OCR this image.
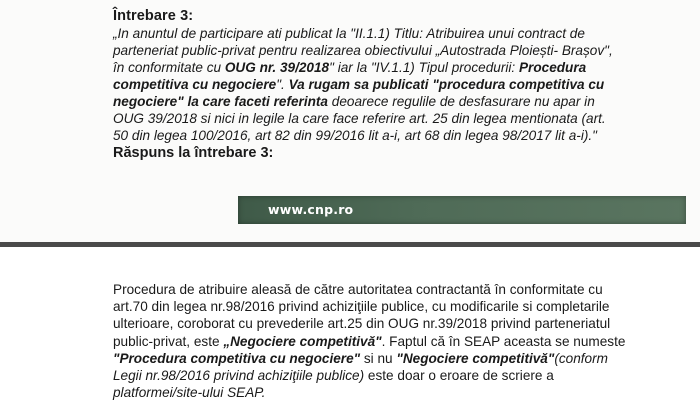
Întrebare 3:
„In anuntul de participare ati publicat la "II.1.1) Titlu: Atribuirea unui contract de
parteneriat public-privat pentru realizarea obiectivului „Autostrada Ploiești- Brașov",
în conformitate cu OUG nr. 39/2018" iar la "IV.1.1) Tipul procedurii: Procedura
competitiva cu negociere". Va rugam sa publicati "procedura competitiva cu
negociere" la care faceti referinta deoarece regulile de desfasurare nu apar in
OUG 39/2018 si nici in legile la care face referire art. 25 din legea mentionata (art.
50 din legea 100/2016, art 82 din 99/2016 lit a-i, art 68 din legea 98/2017 lit a-i)."
Răspuns la întrebare 3:
www.cnp.ro
Procedura de atribuire aleasă de către autoritatea contractantă în conformitate cu
art.70 din legea nr.98/2016 privind achiziţiile publice, cu modificarile si completarile
ulterioare, coroborat cu prevederile art.25 din OUG nr.39/2018 privind parteneriatul
public-privat, este „Negociere competitivă". Faptul că în SEAP aceasta se numeste
"Procedura competitiva cu negociere" si nu "Negociere competitivă"(conform
Legii nr.98/2016 privind achiziţiile publice) este doar o eroare de scriere a
platformei/site-ului SEAP.
